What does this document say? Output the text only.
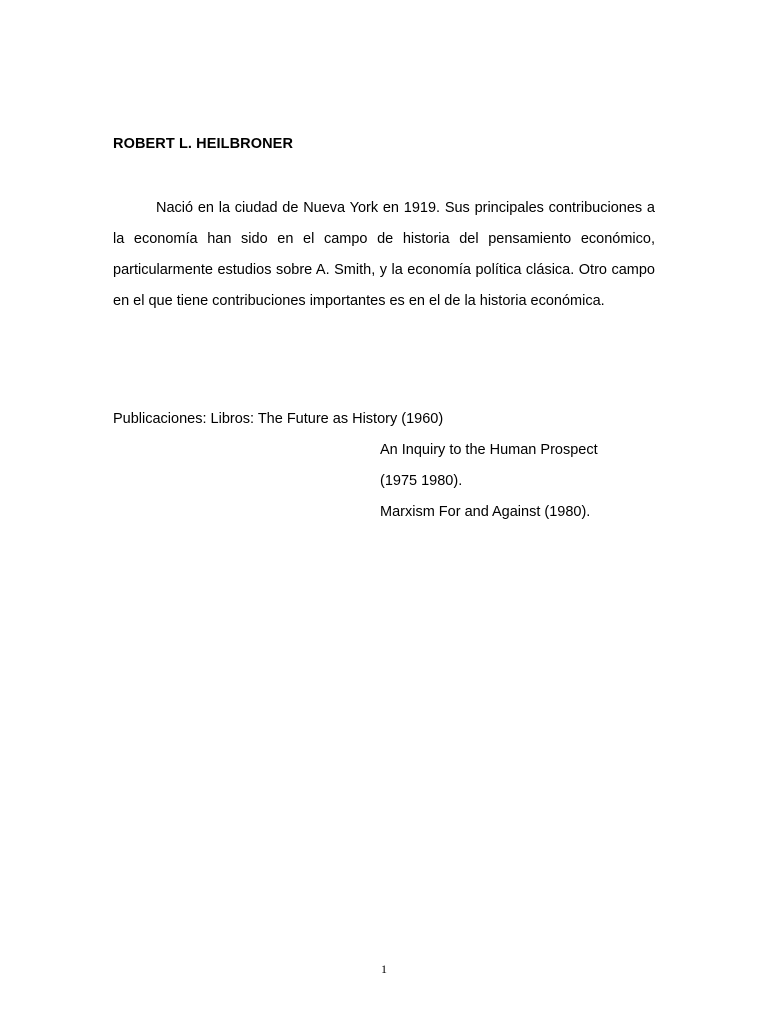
ROBERT L. HEILBRONER

Nació en la ciudad de Nueva York en 1919. Sus principales contribuciones a la economía han sido en el campo de historia del pensamiento económico, particularmente estudios sobre A. Smith, y la economía política clásica. Otro campo en el que tiene contribuciones importantes es en el de la historia económica.

Publicaciones: Libros: The Future as History (1960)

An Inquiry to the Human Prospect

(1975 1980).

Marxism For and Against (1980).

1
